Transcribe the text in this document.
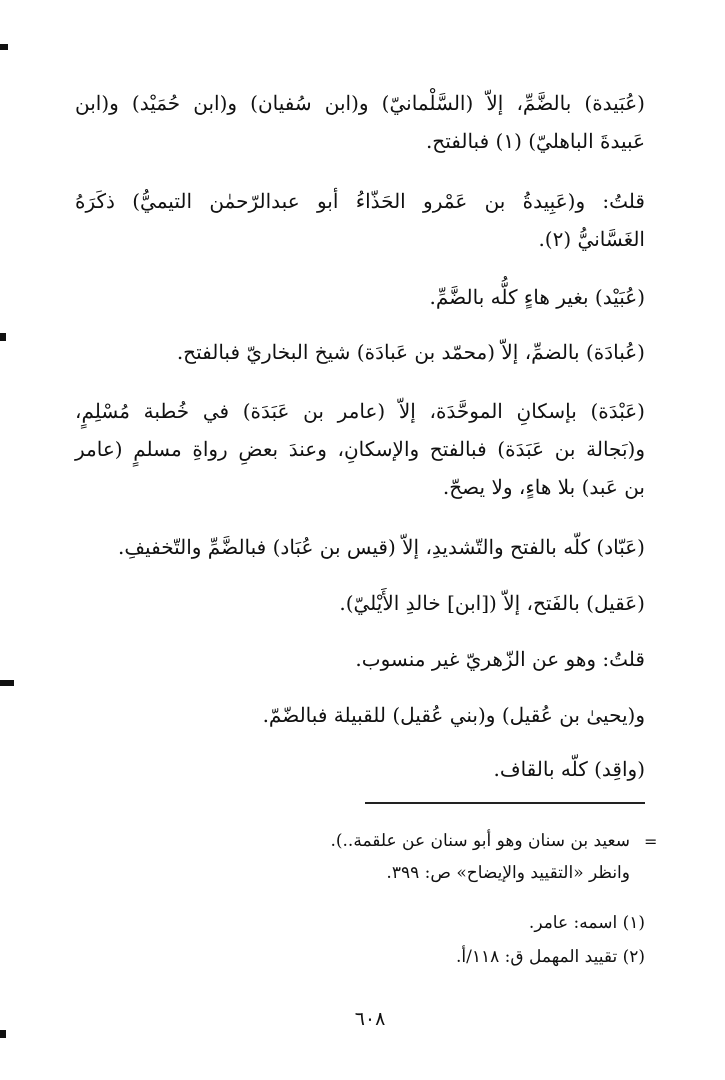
(عُبَيدة) بالضَّمِّ، إلاّ (السَّلْمانيّ) و(ابن سُفيان) و(ابن حُمَيْد) و(ابن
عَبيدةَ الباهليّ) (١) فبالفتح.
قلتُ: و(عَبِيدةُ بن عَمْرو الحَذّاءُ أبو عبدالرّحمٰن التيميُّ) ذكَرَهُ
الغَسَّانيُّ (٢).
(عُبَيْد) بغير هاءٍ كلُّه بالضَّمِّ.
(عُبادَة) بالضمِّ، إلاّ (محمّد بن عَبادَة) شيخ البخاريّ فبالفتح.
(عَبْدَة) بإسكانِ الموحَّدَة، إلاّ (عامر بن عَبَدَة) في خُطبة مُسْلِمٍ،
و(بَجالة بن عَبَدَة) فبالفتح والإسكانِ، وعندَ بعضِ رواةِ مسلمٍ (عامر
بن عَبد) بلا هاءٍ، ولا يصحّ.
(عَبّاد) كلّه بالفتح والتّشديدِ، إلاّ (قيس بن عُبَاد) فبالضَّمِّ والتّخفيفِ.
(عَقيل) بالفَتح، إلاّ ([ابن] خالدِ الأَيْليّ).
قلتُ: وهو عن الزّهريّ غير منسوب.
و(يحيىٰ بن عُقيل) و(بني عُقيل) للقبيلة فبالضّمّ.
(واقِد) كلّه بالقاف.
=
سعيد بن سنان وهو أبو سنان عن علقمة..).
وانظر «التقييد والإيضاح» ص: ٣٩٩.
(١) اسمه: عامر.
(٢) تقييد المهمل ق: ١١٨/أ.
٦٠٨
